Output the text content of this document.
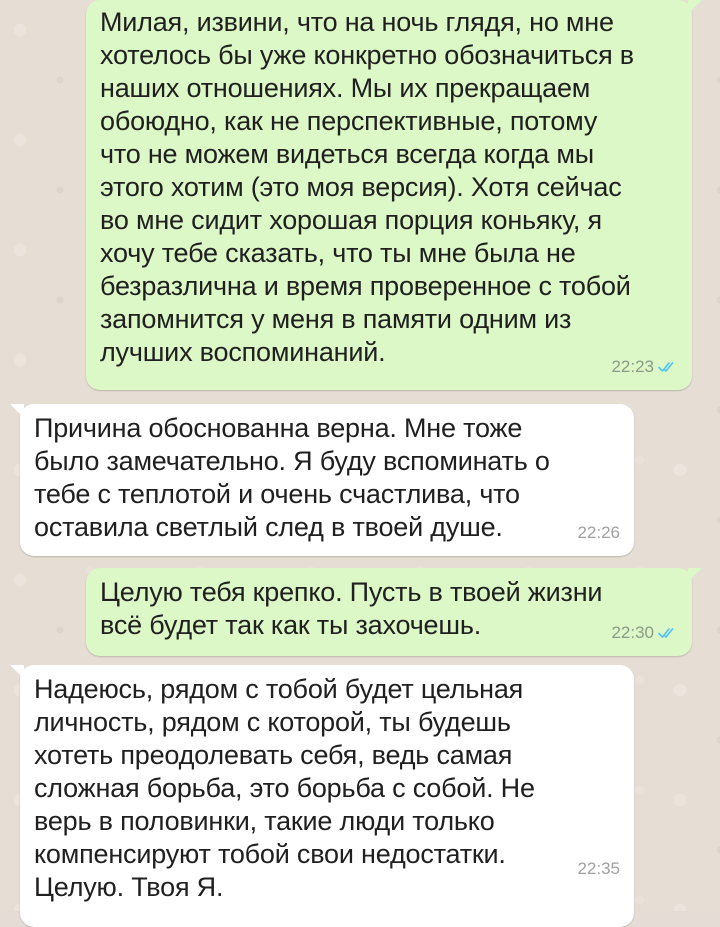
Милая, извини, что на ночь глядя, но мне
хотелось бы уже конкретно обозначиться в
наших отношениях. Мы их прекращаем
обоюдно, как не перспективные, потому
что не можем видеться всегда когда мы
этого хотим (это моя версия). Хотя сейчас
во мне сидит хорошая порция коньяку, я
хочу тебе сказать, что ты мне была не
безразлична и время проверенное с тобой
запомнится у меня в памяти одним из
лучших воспоминаний.	22:23
Причина обоснованна верна. Мне тоже
было замечательно. Я буду вспоминать о
тебе с теплотой и очень счастлива, что
оставила светлый след в твоей душе.	22:26
Целую тебя крепко. Пусть в твоей жизни
всё будет так как ты захочешь.	22:30
Надеюсь, рядом с тобой будет цельная
личность, рядом с которой, ты будешь
хотеть преодолевать себя, ведь самая
сложная борьба, это борьба с собой. Не
верь в половинки, такие люди только
компенсируют тобой свои недостатки.
Целую. Твоя Я.
22:35
